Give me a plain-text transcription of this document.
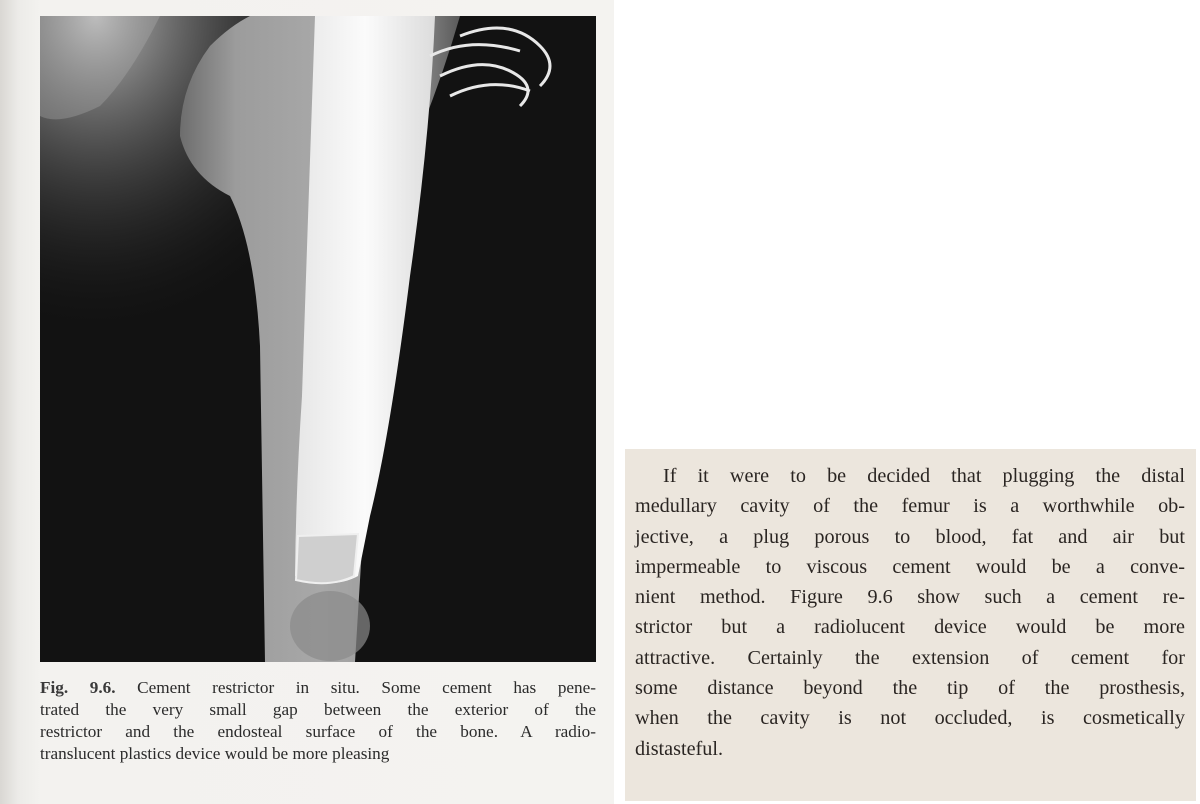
Fig. 9.6. Cement restrictor in situ. Some cement has pene-
trated the very small gap between the exterior of the
restrictor and the endosteal surface of the bone. A radio-
translucent plastics device would be more pleasing
If it were to be decided that plugging the distal
medullary cavity of the femur is a worthwhile ob-
jective, a plug porous to blood, fat and air but
impermeable to viscous cement would be a conve-
nient method. Figure 9.6 show such a cement re-
strictor but a radiolucent device would be more
attractive. Certainly the extension of cement for
some distance beyond the tip of the prosthesis,
when the cavity is not occluded, is cosmetically
distasteful.
